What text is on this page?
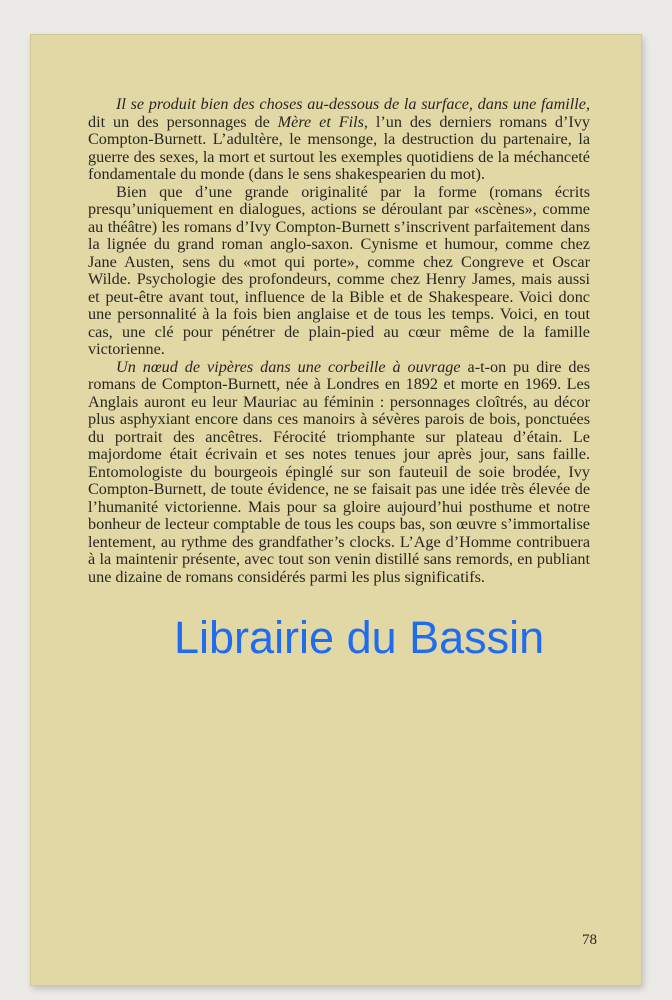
Il se produit bien des choses au-dessous de la surface, dans une famille, dit un des personnages de Mère et Fils, l’un des derniers romans d’Ivy Compton-Burnett. L’adultère, le mensonge, la destruction du partenaire, la guerre des sexes, la mort et surtout les exemples quotidiens de la méchanceté fondamentale du monde (dans le sens shakespearien du mot).

Bien que d’une grande originalité par la forme (romans écrits presqu’uniquement en dialogues, actions se déroulant par «scènes», comme au théâtre) les romans d’Ivy Compton-Burnett s’inscrivent parfaitement dans la lignée du grand roman anglo-saxon. Cynisme et humour, comme chez Jane Austen, sens du «mot qui porte», comme chez Congreve et Oscar Wilde. Psychologie des profondeurs, comme chez Henry James, mais aussi et peut-être avant tout, influence de la Bible et de Shakespeare. Voici donc une personnalité à la fois bien anglaise et de tous les temps. Voici, en tout cas, une clé pour pénétrer de plain-pied au cœur même de la famille victorienne.

Un nœud de vipères dans une corbeille à ouvrage a-t-on pu dire des romans de Compton-Burnett, née à Londres en 1892 et morte en 1969. Les Anglais auront eu leur Mauriac au féminin : personnages cloîtrés, au décor plus asphyxiant encore dans ces manoirs à sévères parois de bois, ponctuées du portrait des ancêtres. Férocité triomphante sur plateau d’étain. Le majordome était écrivain et ses notes tenues jour après jour, sans faille. Entomologiste du bourgeois épinglé sur son fauteuil de soie brodée, Ivy Compton-Burnett, de toute évidence, ne se faisait pas une idée très élevée de l’humanité victorienne. Mais pour sa gloire aujourd’hui posthume et notre bonheur de lecteur comptable de tous les coups bas, son œuvre s’immortalise lentement, au rythme des grandfather’s clocks. L’Age d’Homme contribuera à la maintenir présente, avec tout son venin distillé sans remords, en publiant une dizaine de romans considérés parmi les plus significatifs.

Librairie du Bassin
78
